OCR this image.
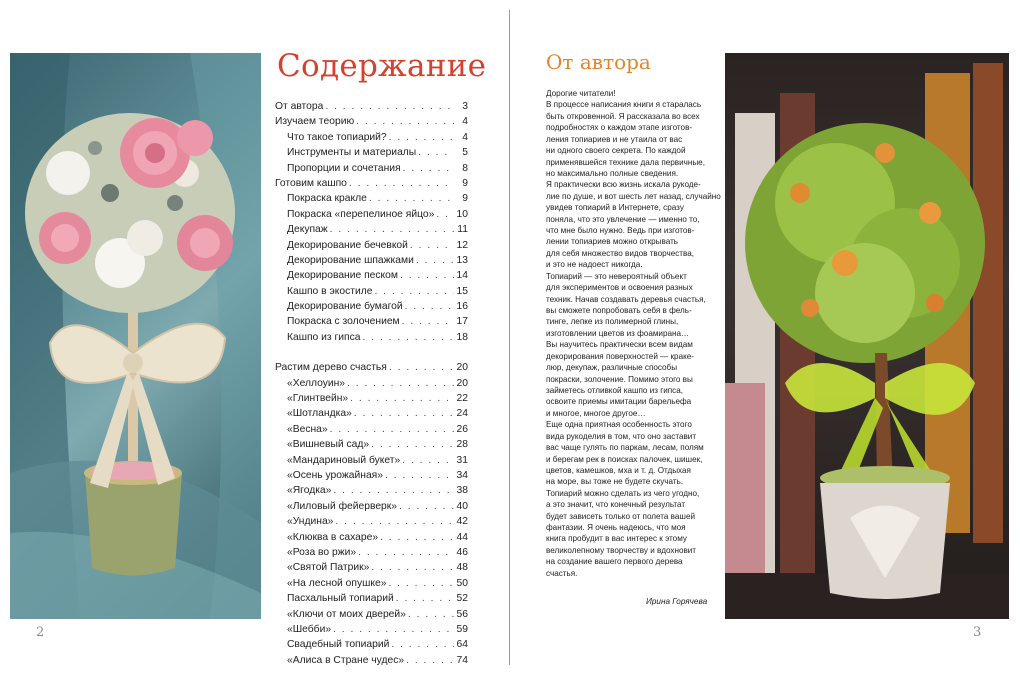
Содержание
От автора . . .	3
Изучаем теорию . . .	4
Что такое топиарий? . . .	4
Инструменты и материалы . . .	5
Пропорции и сочетания . . .	8
Готовим кашпо . . .	9
Покраска кракле . . .	9
Покраска «перепелиное яйцо» . . . 10
Декупаж . . .	11
Декорирование бечевкой . . .	12
Декорирование шпажками . . .	13
Декорирование песком . . .	14
Кашпо в экостиле . . .	15
Декорирование бумагой . . .	16
Покраска с золочением . . .	17
Кашпо из гипса . . .	18
Растим дерево счастья . . .	20
«Хеллоуин» . . .	20
«Глинтвейн» . . .	22
«Шотландка» . . .	24
«Весна» . . .	26
«Вишневый сад» . . .	28
«Мандариновый букет» . . .	31
«Осень урожайная» . . .	34
«Ягодка» . . .	38
«Лиловый фейерверк» . . .	40
«Ундина» . . .	42
«Клюква в сахаре» . . .	44
«Роза во ржи» . . .	46
«Святой Патрик» . . .	48
«На лесной опушке» . . .	50
Пасхальный топиарий . . .	52
«Ключи от моих дверей» . . .	56
«Шебби» . . .	59
Свадебный топиарий . . .	64
«Алиса в Стране чудес» . . .	74
2
От автора
Дорогие читатели!
В процессе написания книги я старалась
быть откровенной. Я рассказала во всех
подробностях о каждом этапе изготов-
ления топиариев и не утаила от вас
ни одного своего секрета. По каждой
применявшейся технике дала первичные,
но максимально полные сведения.
Я практически всю жизнь искала рукоде-
лие по душе, и вот шесть лет назад, случайно
увидев топиарий в Интернете, сразу
поняла, что это увлечение — именно то,
что мне было нужно. Ведь при изготов-
лении топиариев можно открывать
для себя множество видов творчества,
и это не надоест никогда.
Топиарий — это невероятный объект
для экспериментов и освоения разных
техник. Начав создавать деревья счастья,
вы сможете попробовать себя в фель-
тинге, лепке из полимерной глины,
изготовлении цветов из фоамирана…
Вы научитесь практически всем видам
декорирования поверхностей — краке-
люр, декупаж, различные способы
покраски, золочение. Помимо этого вы
займетесь отливкой кашпо из гипса,
освоите приемы имитации барельефа
и многое, многое другое…
Еще одна приятная особенность этого
вида рукоделия в том, что оно заставит
вас чаще гулять по паркам, лесам, полям
и берегам рек в поисках палочек, шишек,
цветов, камешков, мха и т. д. Отдыхая
на море, вы тоже не будете скучать.
Топиарий можно сделать из чего угодно,
а это значит, что конечный результат
будет зависеть только от полета вашей
фантазии. Я очень надеюсь, что моя
книга пробудит в вас интерес к этому
великолепному творчеству и вдохновит
на создание вашего первого дерева
счастья.
Ирина Горячева
3
